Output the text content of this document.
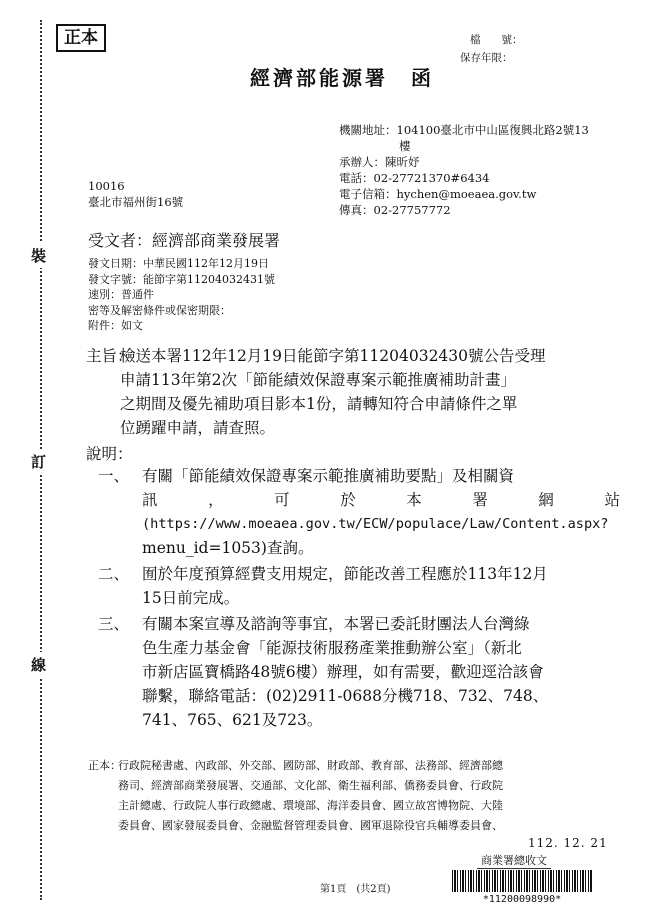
裝
訂
線
正本	檔　　號：
保存年限：
經濟部能源署　函
機關地址：104100臺北市中山區復興北路2號13
樓
承辦人：陳昕妤
電話：02-27721370#6434
電子信箱：hychen@moeaea.gov.tw
傳真：02-27757772
10016
臺北市福州街16號
受文者：經濟部商業發展署
發文日期：中華民國112年12月19日
發文字號：能節字第11204032431號
速別：普通件
密等及解密條件或保密期限：
附件：如文
主旨：
檢送本署112年12月19日能節字第11204032430號公告受理
申請113年第2次「節能績效保證專案示範推廣補助計畫」
之期間及優先補助項目影本1份，請轉知符合申請條件之單
位踴躍申請，請查照。
說明：
一、 有關「節能績效保證專案示範推廣補助要點」及相關資
訊	，	可	於	本	署	網	站
(https://www.moeaea.gov.tw/ECW/populace/Law/Content.aspx?
menu_id=1053)查詢。
二、 囿於年度預算經費支用規定，節能改善工程應於113年12月
15日前完成。
三、 有關本案宣導及諮詢等事宜，本署已委託財團法人台灣綠
色生產力基金會「能源技術服務產業推動辦公室」（新北
市新店區寶橋路48號6樓）辦理，如有需要，歡迎逕洽該會
聯繫，聯絡電話：(02)2911-0688分機718、732、748、
741、765、621及723。
正本：
行政院秘書處、內政部、外交部、國防部、財政部、教育部、法務部、經濟部總
務司、經濟部商業發展署、交通部、文化部、衛生福利部、僑務委員會、行政院
主計總處、行政院人事行政總處、環境部、海洋委員會、國立故宮博物院、大陸
委員會、國家發展委員會、金融監督管理委員會、國軍退除役官兵輔導委員會、
112. 12. 21
商業署總收文
第1頁　(共2頁)
*11200098990*
